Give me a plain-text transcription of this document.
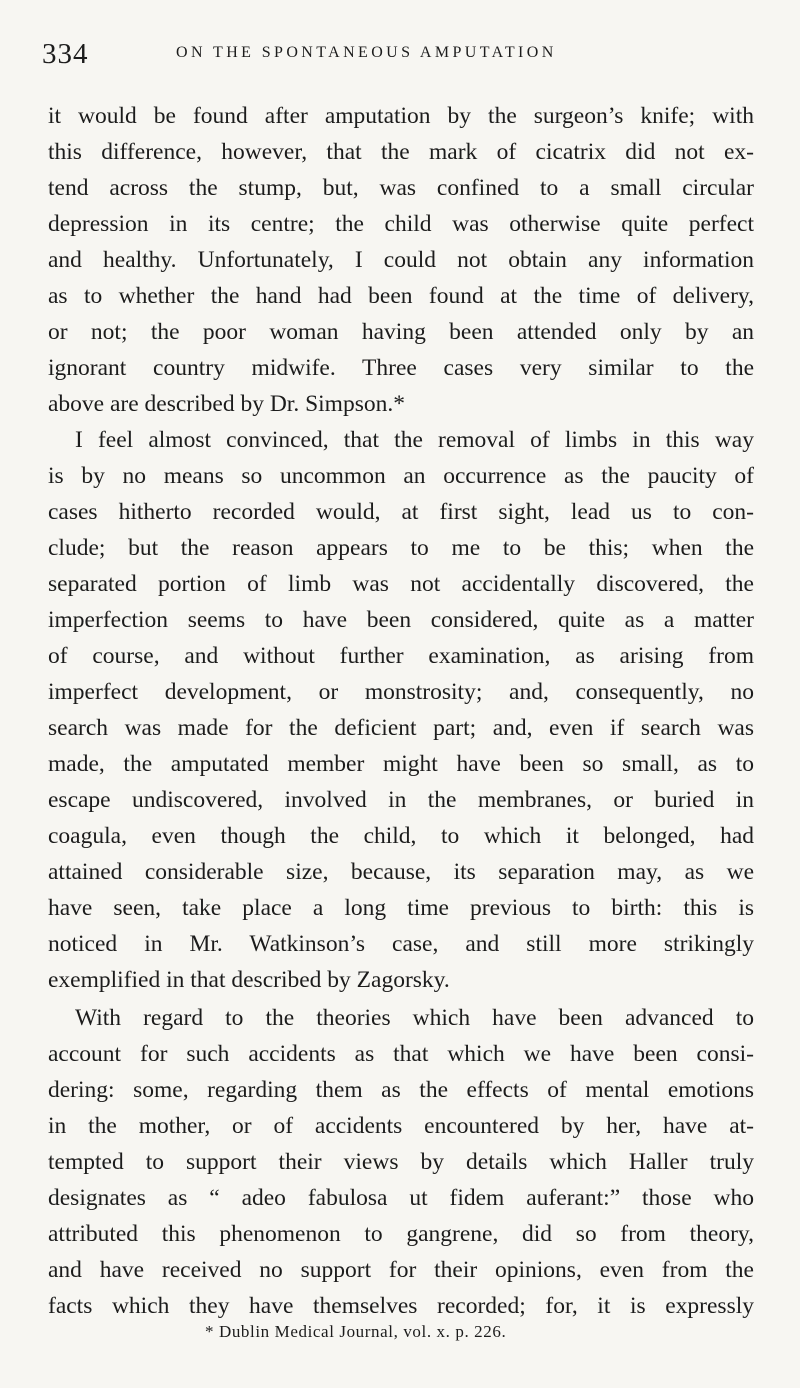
334	ON THE SPONTANEOUS AMPUTATION
it would be found after amputation by the surgeon’s knife; with
this difference, however, that the mark of cicatrix did not ex-
tend across the stump, but, was confined to a small circular
depression in its centre; the child was otherwise quite perfect
and healthy. Unfortunately, I could not obtain any information
as to whether the hand had been found at the time of delivery,
or not; the poor woman having been attended only by an
ignorant country midwife. Three cases very similar to the
above are described by Dr. Simpson.*
I feel almost convinced, that the removal of limbs in this way
is by no means so uncommon an occurrence as the paucity of
cases hitherto recorded would, at first sight, lead us to con-
clude; but the reason appears to me to be this; when the
separated portion of limb was not accidentally discovered, the
imperfection seems to have been considered, quite as a matter
of course, and without further examination, as arising from
imperfect development, or monstrosity; and, consequently, no
search was made for the deficient part; and, even if search was
made, the amputated member might have been so small, as to
escape undiscovered, involved in the membranes, or buried in
coagula, even though the child, to which it belonged, had
attained considerable size, because, its separation may, as we
have seen, take place a long time previous to birth: this is
noticed in Mr. Watkinson’s case, and still more strikingly
exemplified in that described by Zagorsky.
With regard to the theories which have been advanced to
account for such accidents as that which we have been consi-
dering: some, regarding them as the effects of mental emotions
in the mother, or of accidents encountered by her, have at-
tempted to support their views by details which Haller truly
designates as “ adeo fabulosa ut fidem auferant:” those who
attributed this phenomenon to gangrene, did so from theory,
and have received no support for their opinions, even from the
facts which they have themselves recorded; for, it is expressly
* Dublin Medical Journal, vol. x. p. 226.
